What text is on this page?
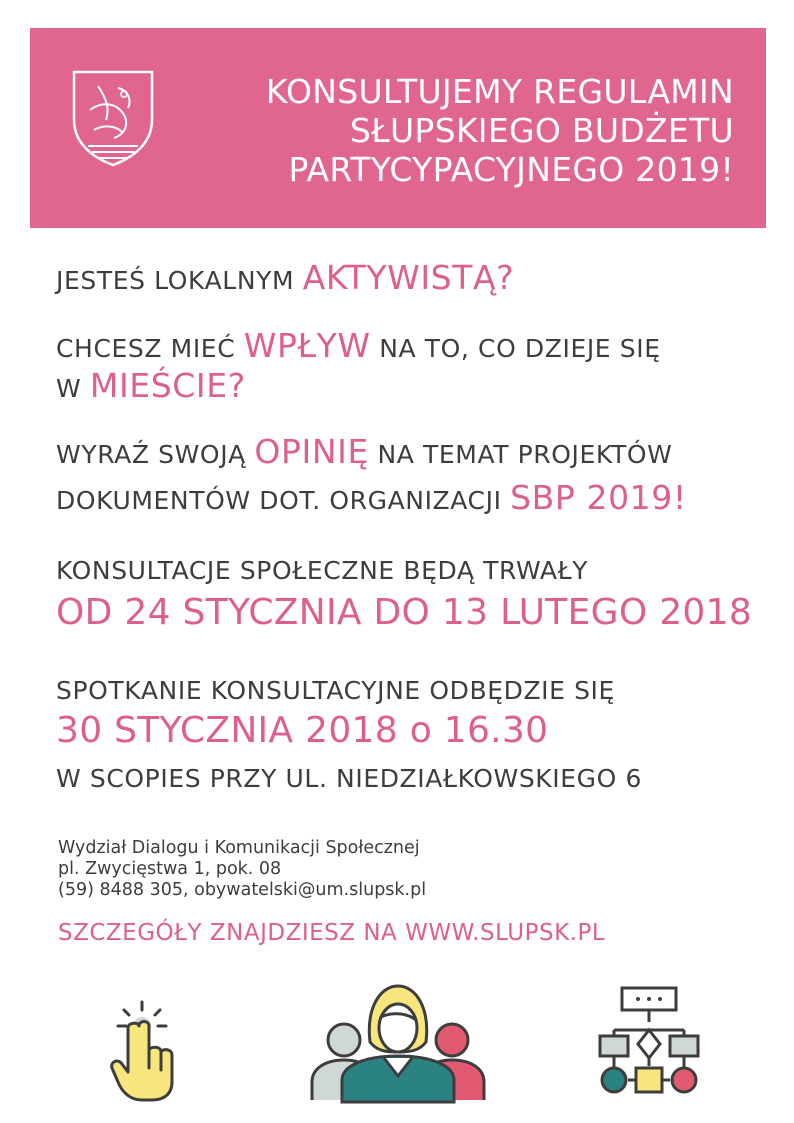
KONSULTUJEMY REGULAMIN
SŁUPSKIEGO BUDŻETU
PARTYCYPACYJNEGO 2019!
JESTEŚ LOKALNYM AKTYWISTĄ?
CHCESZ MIEĆ WPŁYW NA TO, CO DZIEJE SIĘ
W MIEŚCIE?
WYRAŹ SWOJĄ OPINIĘ NA TEMAT PROJEKTÓW
DOKUMENTÓW DOT. ORGANIZACJI SBP 2019!
KONSULTACJE SPOŁECZNE BĘDĄ TRWAŁY
OD 24 STYCZNIA DO 13 LUTEGO 2018
SPOTKANIE KONSULTACYJNE ODBĘDZIE SIĘ
30 STYCZNIA 2018 o 16.30
W SCOPIES PRZY UL. NIEDZIAŁKOWSKIEGO 6
Wydział Dialogu i Komunikacji Społecznej
pl. Zwycięstwa 1, pok. 08
(59) 8488 305, obywatelski@um.slupsk.pl
SZCZEGÓŁY ZNAJDZIESZ NA WWW.SLUPSK.PL
